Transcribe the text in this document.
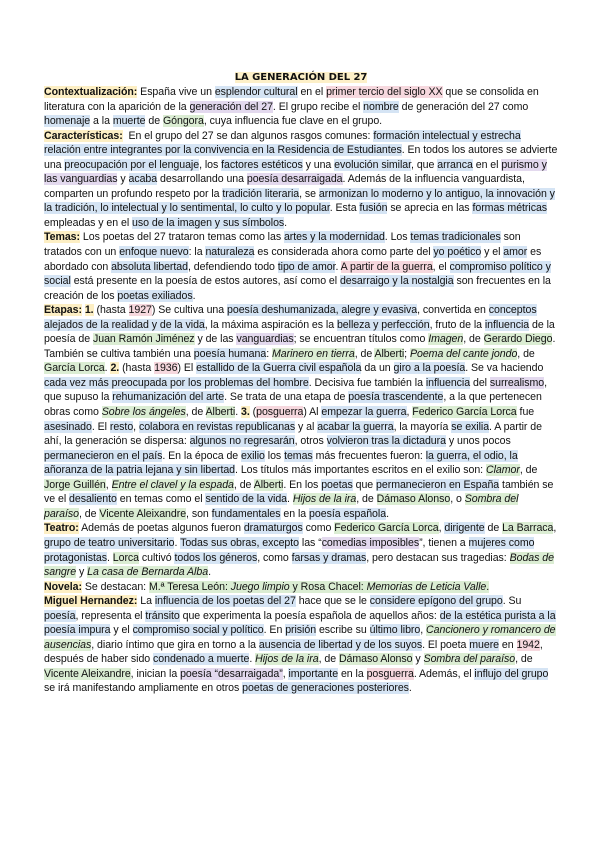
LA GENERACIÓN DEL 27

Contextualización: España vive un esplendor cultural en el primer tercio del siglo XX que se consolida en literatura con la aparición de la generación del 27. El grupo recibe el nombre de generación del 27 como homenaje a la muerte de Góngora, cuya influencia fue clave en el grupo.

Características:  En el grupo del 27 se dan algunos rasgos comunes: formación intelectual y estrecha relación entre integrantes por la convivencia en la Residencia de Estudiantes. En todos los autores se advierte una preocupación por el lenguaje, los factores estéticos y una evolución similar, que arranca en el purismo y las vanguardias y acaba desarrollando una poesía desarraigada. Además de la influencia vanguardista, comparten un profundo respeto por la tradición literaria, se armonizan lo moderno y lo antiguo, la innovación y la tradición, lo intelectual y lo sentimental, lo culto y lo popular. Esta fusión se aprecia en las formas métricas empleadas y en el uso de la imagen y sus símbolos.

Temas: Los poetas del 27 trataron temas como las artes y la modernidad. Los temas tradicionales son tratados con un enfoque nuevo: la naturaleza es considerada ahora como parte del yo poético y el amor es abordado con absoluta libertad, defendiendo todo tipo de amor. A partir de la guerra, el compromiso político y social está presente en la poesía de estos autores, así como el desarraigo y la nostalgia son frecuentes en la creación de los poetas exiliados.

Etapas: 1. (hasta 1927) Se cultiva una poesía deshumanizada, alegre y evasiva, convertida en conceptos alejados de la realidad y de la vida, la máxima aspiración es la belleza y perfección, fruto de la influencia de la poesía de Juan Ramón Jiménez y de las vanguardias; se encuentran títulos como Imagen, de Gerardo Diego. También se cultiva también una poesía humana: Marinero en tierra, de Alberti; Poema del cante jondo, de García Lorca. 2. (hasta 1936) El estallido de la Guerra civil española da un giro a la poesía. Se va haciendo cada vez más preocupada por los problemas del hombre. Decisiva fue también la influencia del surrealismo, que supuso la rehumanización del arte. Se trata de una etapa de poesía trascendente, a la que pertenecen obras como Sobre los ángeles, de Alberti. 3. (posguerra) Al empezar la guerra, Federico García Lorca fue asesinado. El resto, colabora en revistas republicanas y al acabar la guerra, la mayoría se exilia. A partir de ahí, la generación se dispersa: algunos no regresarán, otros volvieron tras la dictadura y unos pocos permanecieron en el país. En la época de exilio los temas más frecuentes fueron: la guerra, el odio, la añoranza de la patria lejana y sin libertad. Los títulos más importantes escritos en el exilio son: Clamor, de Jorge Guillén, Entre el clavel y la espada, de Alberti. En los poetas que permanecieron en España también se ve el desaliento en temas como el sentido de la vida. Hijos de la ira, de Dámaso Alonso, o Sombra del paraíso, de Vicente Aleixandre, son fundamentales en la poesía española.

Teatro: Además de poetas algunos fueron dramaturgos como Federico García Lorca, dirigente de La Barraca, grupo de teatro universitario. Todas sus obras, excepto las “comedias imposibles”, tienen a mujeres como protagonistas. Lorca cultivó todos los géneros, como farsas y dramas, pero destacan sus tragedias: Bodas de sangre y La casa de Bernarda Alba.

Novela: Se destacan: M.ª Teresa León: Juego limpio y Rosa Chacel: Memorias de Leticia Valle.

Miguel Hernandez: La influencia de los poetas del 27 hace que se le considere epígono del grupo. Su poesía, representa el tránsito que experimenta la poesía española de aquellos años: de la estética purista a la poesía impura y el compromiso social y político. En prisión escribe su último libro, Cancionero y romancero de ausencias, diario íntimo que gira en torno a la ausencia de libertad y de los suyos. El poeta muere en 1942, después de haber sido condenado a muerte. Hijos de la ira, de Dámaso Alonso y Sombra del paraíso, de Vicente Aleixandre, inician la poesía “desarraigada”, importante en la posguerra. Además, el influjo del grupo se irá manifestando ampliamente en otros poetas de generaciones posteriores.
